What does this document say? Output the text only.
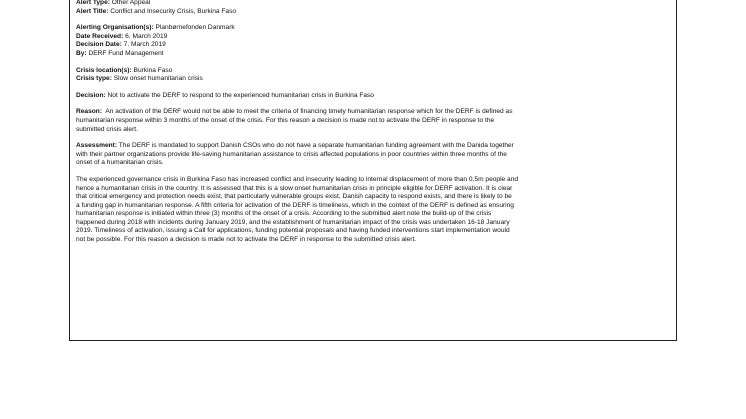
Alert Type: Other Appeal
Alert Title: Conflict and Insecurity Crisis, Burkina Faso
Alerting Organisation(s): Planbørnefonden Danmark
Date Received: 6. March 2019
Decision Date: 7. March 2019
By: DERF Fund Management
Crisis location(s): Burkina Faso
Crisis type: Slow onset humanitarian crisis
Decision: Not to activate the DERF to respond to the experienced humanitarian crisis in Burkina Faso
Reason: An activation of the DERF would not be able to meet the criteria of financing timely humanitarian response which for the DERF is defined as
humanitarian response within 3 months of the onset of the crisis. For this reason a decision is made not to activate the DERF in response to the
submitted crisis alert.
Assessment: The DERF is mandated to support Danish CSOs who do not have a separate humanitarian funding agreement with the Danida together
with their partner organizations provide life-saving humanitarian assistance to crisis affected populations in poor countries within three months of the
onset of a humanitarian crisis.
The experienced governance crisis in Burkina Faso has increased conflict and insecurity leading to internal displacement of more than 0.5m people and
hence a humanitarian crisis in the country. It is assessed that this is a slow onset humanitarian crisis in principle eligible for DERF activation. It is clear
that critical emergency and protection needs exist, that particularly vulnerable groups exist, Danish capacity to respond exists, and there is likely to be
a funding gap in humanitarian response. A fifth criteria for activation of the DERF is timeliness, which in the context of the DERF is defined as ensuring
humanitarian response is initiated within three (3) months of the onset of a crisis. According to the submitted alert note the build-up of the crisis
happened during 2018 with incidents during January 2019, and the establishment of humanitarian impact of the crisis was undertaken 16-18 January
2019. Timeliness of activation, issuing a Call for applications, funding potential proposals and having funded interventions start implementation would
not be possible. For this reason a decision is made not to activate the DERF in response to the submitted crisis alert.
